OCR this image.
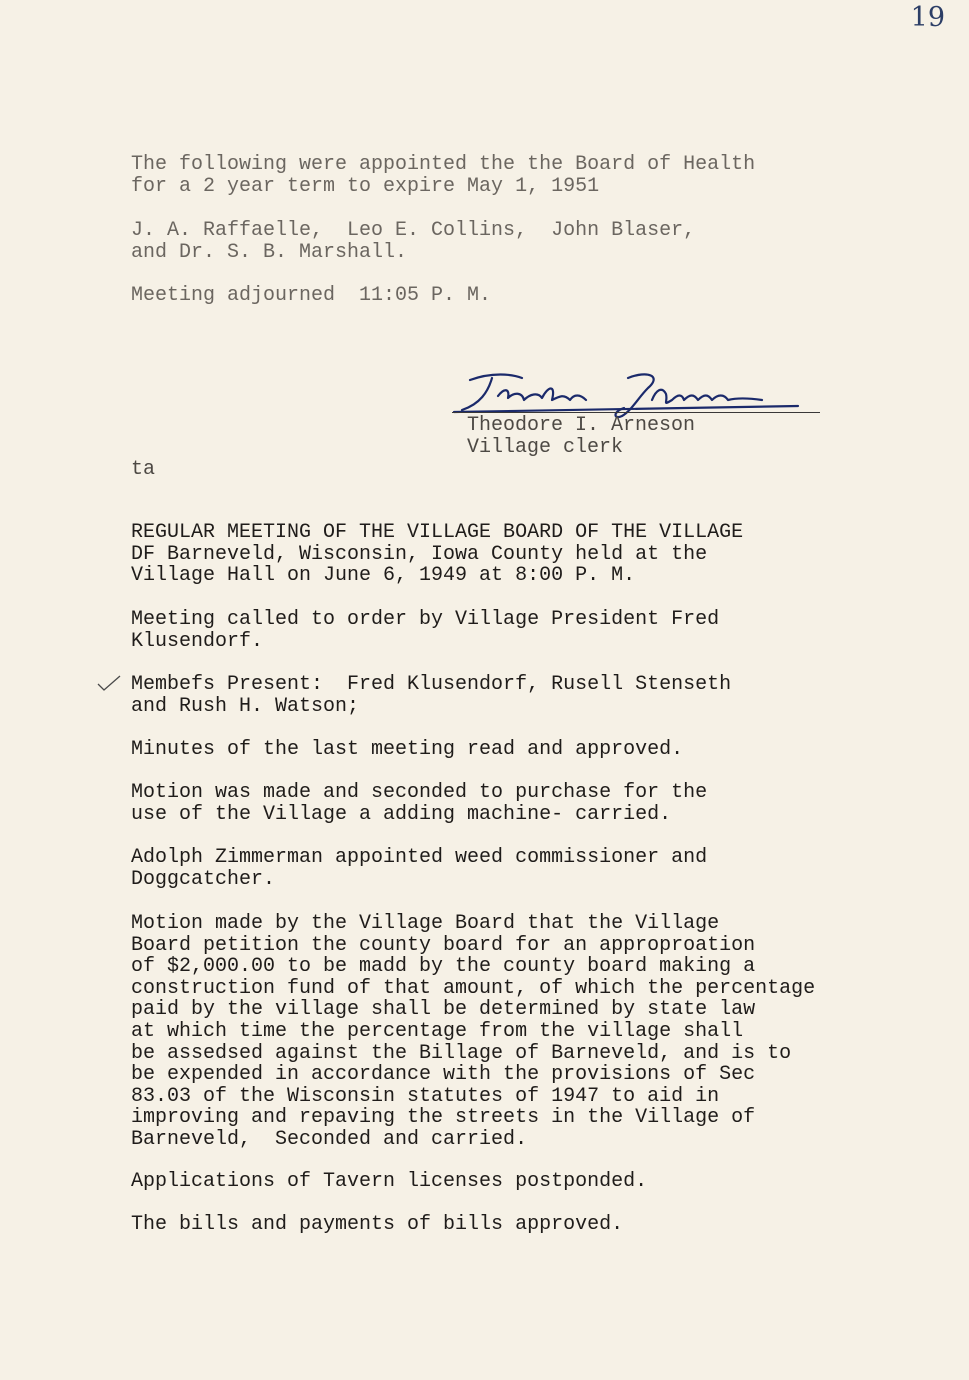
19
The following were appointed the the Board of Health
for a 2 year term to expire May 1, 1951
J. A. Raffaelle,  Leo E. Collins,  John Blaser,
and Dr. S. B. Marshall.
Meeting adjourned  11:05 P. M.
Theodore I. Arneson
Village clerk
ta
REGULAR MEETING OF THE VILLAGE BOARD OF THE VILLAGE
DF Barneveld, Wisconsin, Iowa County held at the
Village Hall on June 6, 1949 at 8:00 P. M.
Meeting called to order by Village President Fred
Klusendorf.
Membefs Present:  Fred Klusendorf, Rusell Stenseth
and Rush H. Watson;
Minutes of the last meeting read and approved.
Motion was made and seconded to purchase for the
use of the Village a adding machine- carried.
Adolph Zimmerman appointed weed commissioner and
Doggcatcher.
Motion made by the Village Board that the Village
Board petition the county board for an approproation
of $2,000.00 to be madd by the county board making a
construction fund of that amount, of which the percentage
paid by the village shall be determined by state law
at which time the percentage from the village shall
be assedsed against the Billage of Barneveld, and is to
be expended in accordance with the provisions of Sec
83.03 of the Wisconsin statutes of 1947 to aid in
improving and repaving the streets in the Village of
Barneveld,  Seconded and carried.
Applications of Tavern licenses postponded.
The bills and payments of bills approved.
